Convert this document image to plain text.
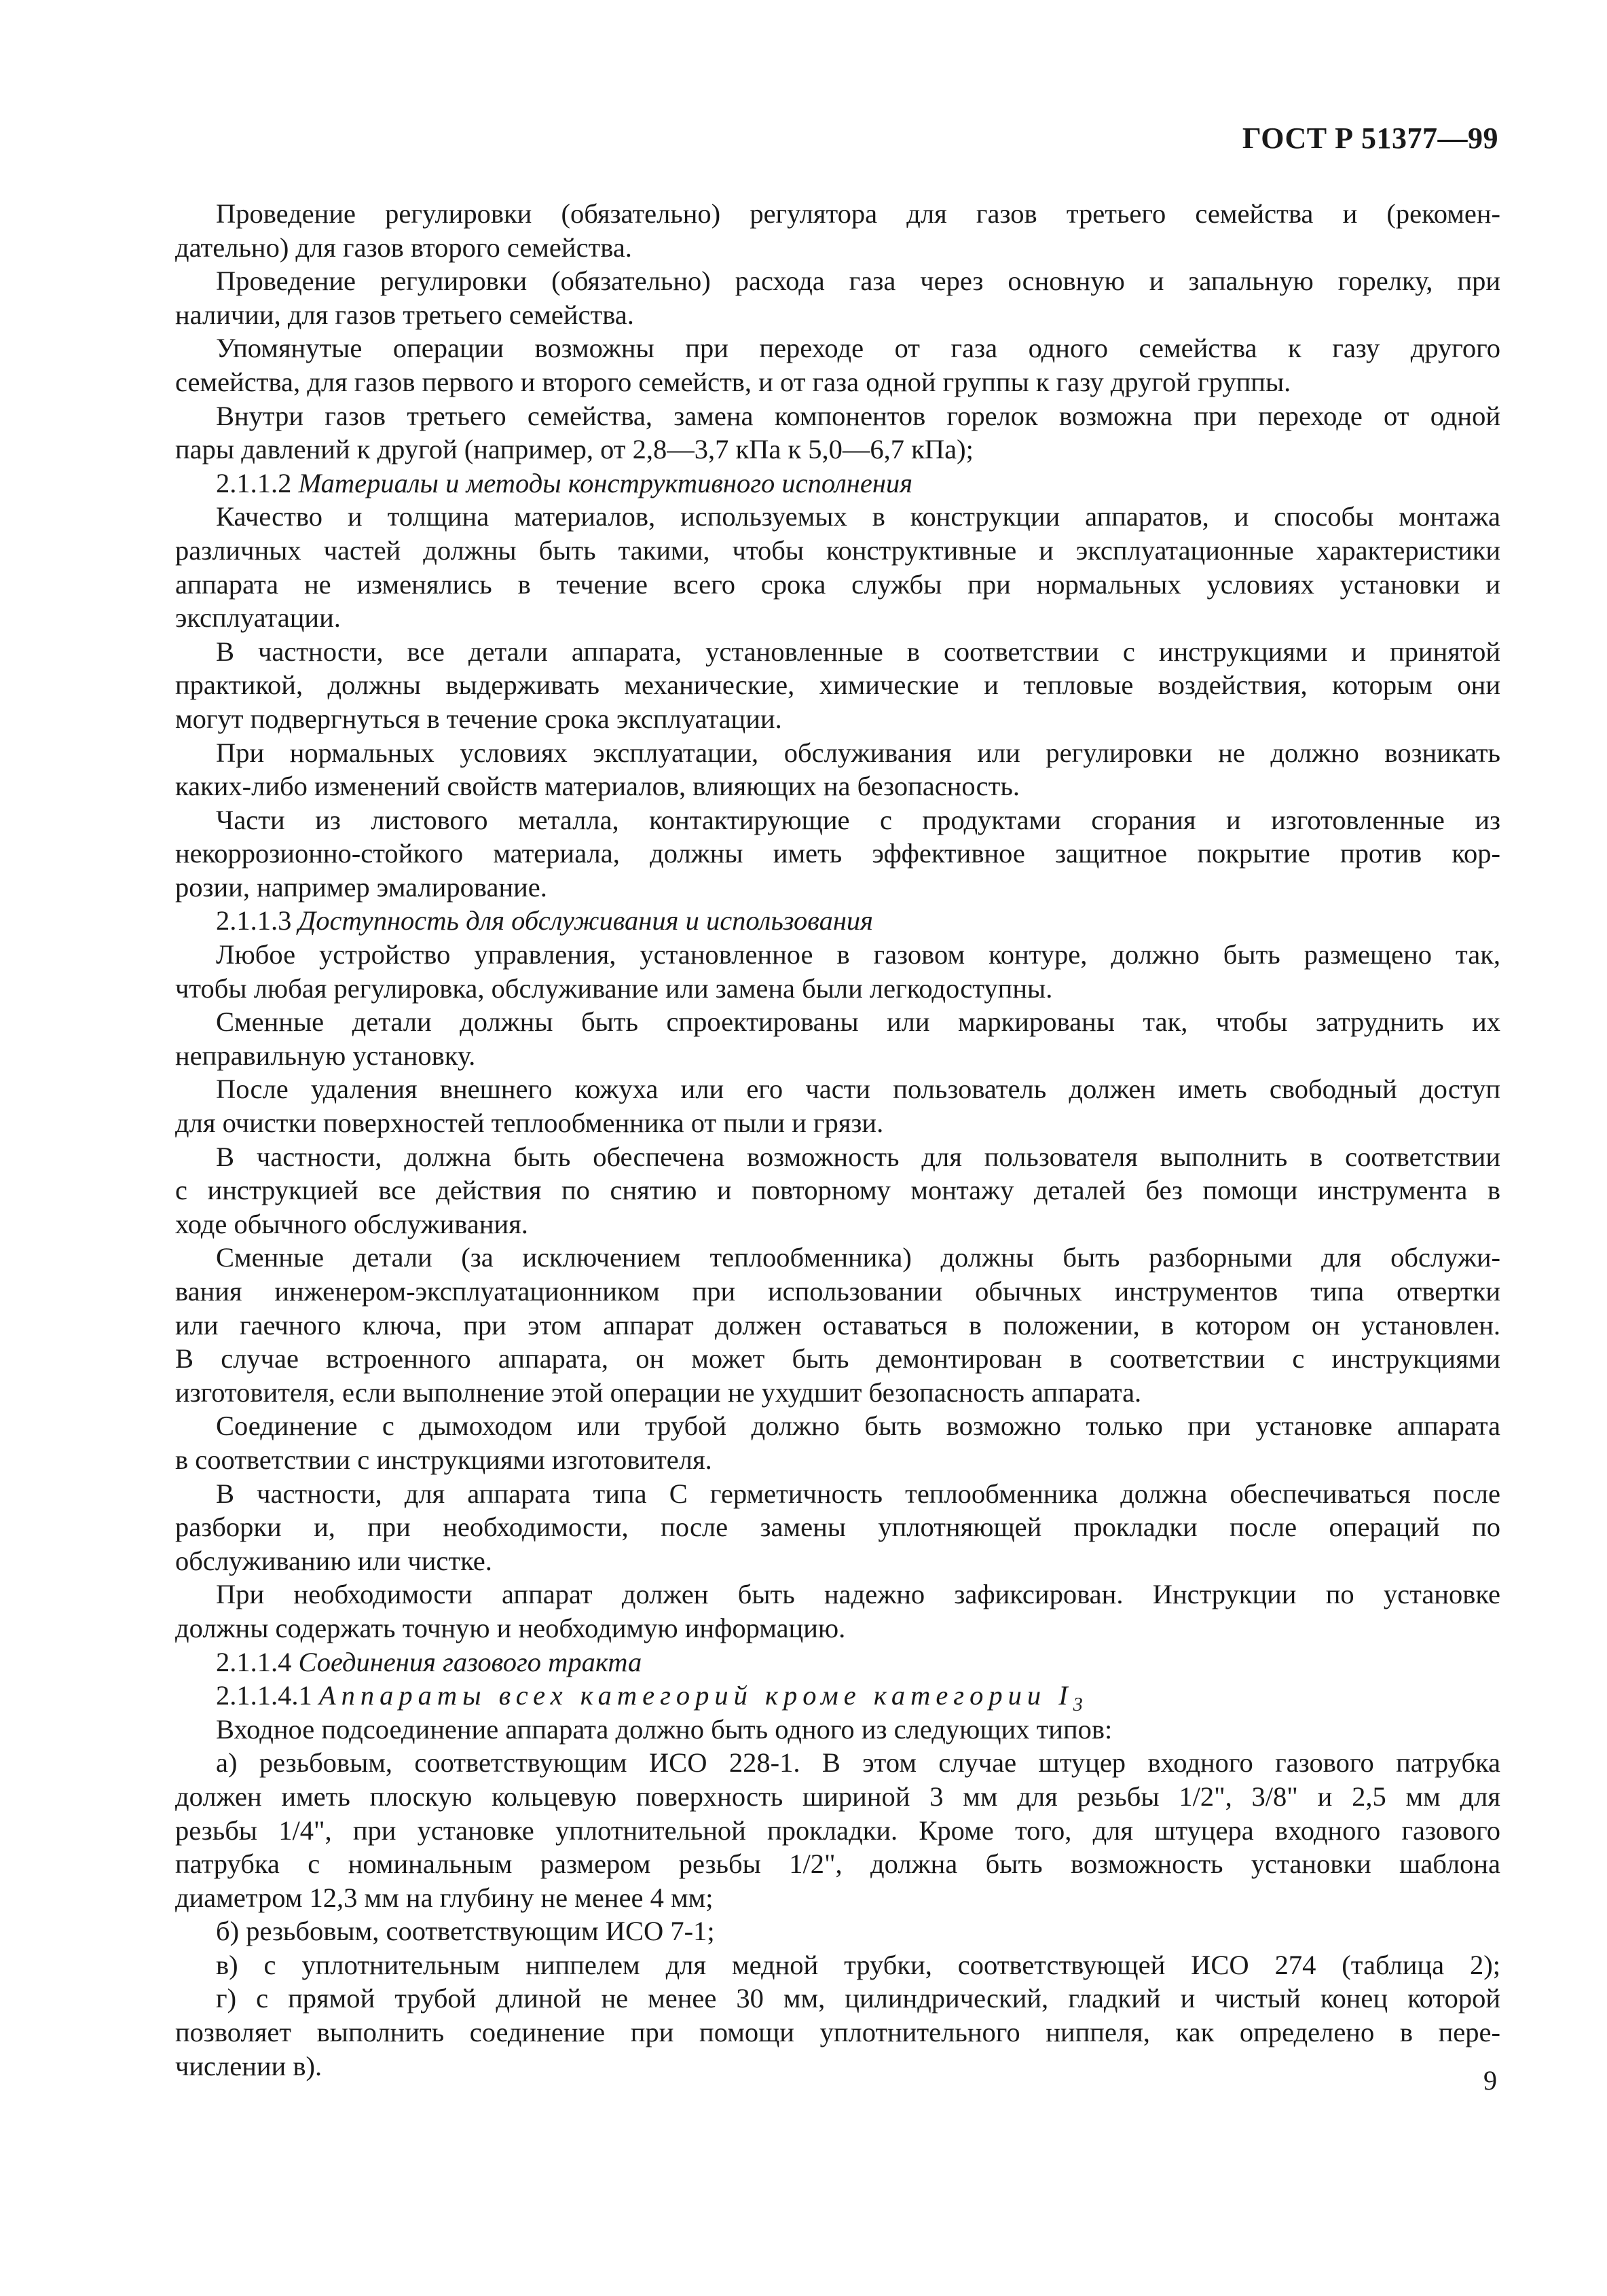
ГОСТ Р 51377—99
Проведение регулировки (обязательно) регулятора для газов третьего семейства и (рекомен-
дательно) для газов второго семейства.
Проведение регулировки (обязательно) расхода газа через основную и запальную горелку, при
наличии, для газов третьего семейства.
Упомянутые операции возможны при переходе от газа одного семейства к газу другого
семейства, для газов первого и второго семейств, и от газа одной группы к газу другой группы.
Внутри газов третьего семейства, замена компонентов горелок возможна при переходе от одной
пары давлений к другой (например, от 2,8—3,7 кПа к 5,0—6,7 кПа);
2.1.1.2 Материалы и методы конструктивного исполнения
Качество и толщина материалов, используемых в конструкции аппаратов, и способы монтажа
различных частей должны быть такими, чтобы конструктивные и эксплуатационные характеристики
аппарата не изменялись в течение всего срока службы при нормальных условиях установки и
эксплуатации.
В частности, все детали аппарата, установленные в соответствии с инструкциями и принятой
практикой, должны выдерживать механические, химические и тепловые воздействия, которым они
могут подвергнуться в течение срока эксплуатации.
При нормальных условиях эксплуатации, обслуживания или регулировки не должно возникать
каких-либо изменений свойств материалов, влияющих на безопасность.
Части из листового металла, контактирующие с продуктами сгорания и изготовленные из
некоррозионно-стойкого материала, должны иметь эффективное защитное покрытие против кор-
розии, например эмалирование.
2.1.1.3 Доступность для обслуживания и использования
Любое устройство управления, установленное в газовом контуре, должно быть размещено так,
чтобы любая регулировка, обслуживание или замена были легкодоступны.
Сменные детали должны быть спроектированы или маркированы так, чтобы затруднить их
неправильную установку.
После удаления внешнего кожуха или его части пользователь должен иметь свободный доступ
для очистки поверхностей теплообменника от пыли и грязи.
В частности, должна быть обеспечена возможность для пользователя выполнить в соответствии
с инструкцией все действия по снятию и повторному монтажу деталей без помощи инструмента в
ходе обычного обслуживания.
Сменные детали (за исключением теплообменника) должны быть разборными для обслужи-
вания инженером-эксплуатационником при использовании обычных инструментов типа отвертки
или гаечного ключа, при этом аппарат должен оставаться в положении, в котором он установлен.
В случае встроенного аппарата, он может быть демонтирован в соответствии с инструкциями
изготовителя, если выполнение этой операции не ухудшит безопасность аппарата.
Соединение с дымоходом или трубой должно быть возможно только при установке аппарата
в соответствии с инструкциями изготовителя.
В частности, для аппарата типа С герметичность теплообменника должна обеспечиваться после
разборки и, при необходимости, после замены уплотняющей прокладки после операций по
обслуживанию или чистке.
При необходимости аппарат должен быть надежно зафиксирован. Инструкции по установке
должны содержать точную и необходимую информацию.
2.1.1.4 Соединения газового тракта
2.1.1.4.1 Аппараты всех категорий кроме категории $I_3$
Входное подсоединение аппарата должно быть одного из следующих типов:
а) резьбовым, соответствующим ИСО 228-1. В этом случае штуцер входного газового патрубка
должен иметь плоскую кольцевую поверхность шириной 3 мм для резьбы 1/2", 3/8" и 2,5 мм для
резьбы 1/4", при установке уплотнительной прокладки. Кроме того, для штуцера входного газового
патрубка с номинальным размером резьбы 1/2", должна быть возможность установки шаблона
диаметром 12,3 мм на глубину не менее 4 мм;
б) резьбовым, соответствующим ИСО 7-1;
в) с уплотнительным ниппелем для медной трубки, соответствующей ИСО 274 (таблица 2);
г) с прямой трубой длиной не менее 30 мм, цилиндрический, гладкий и чистый конец которой
позволяет выполнить соединение при помощи уплотнительного ниппеля, как определено в пере-
числении в).	9
